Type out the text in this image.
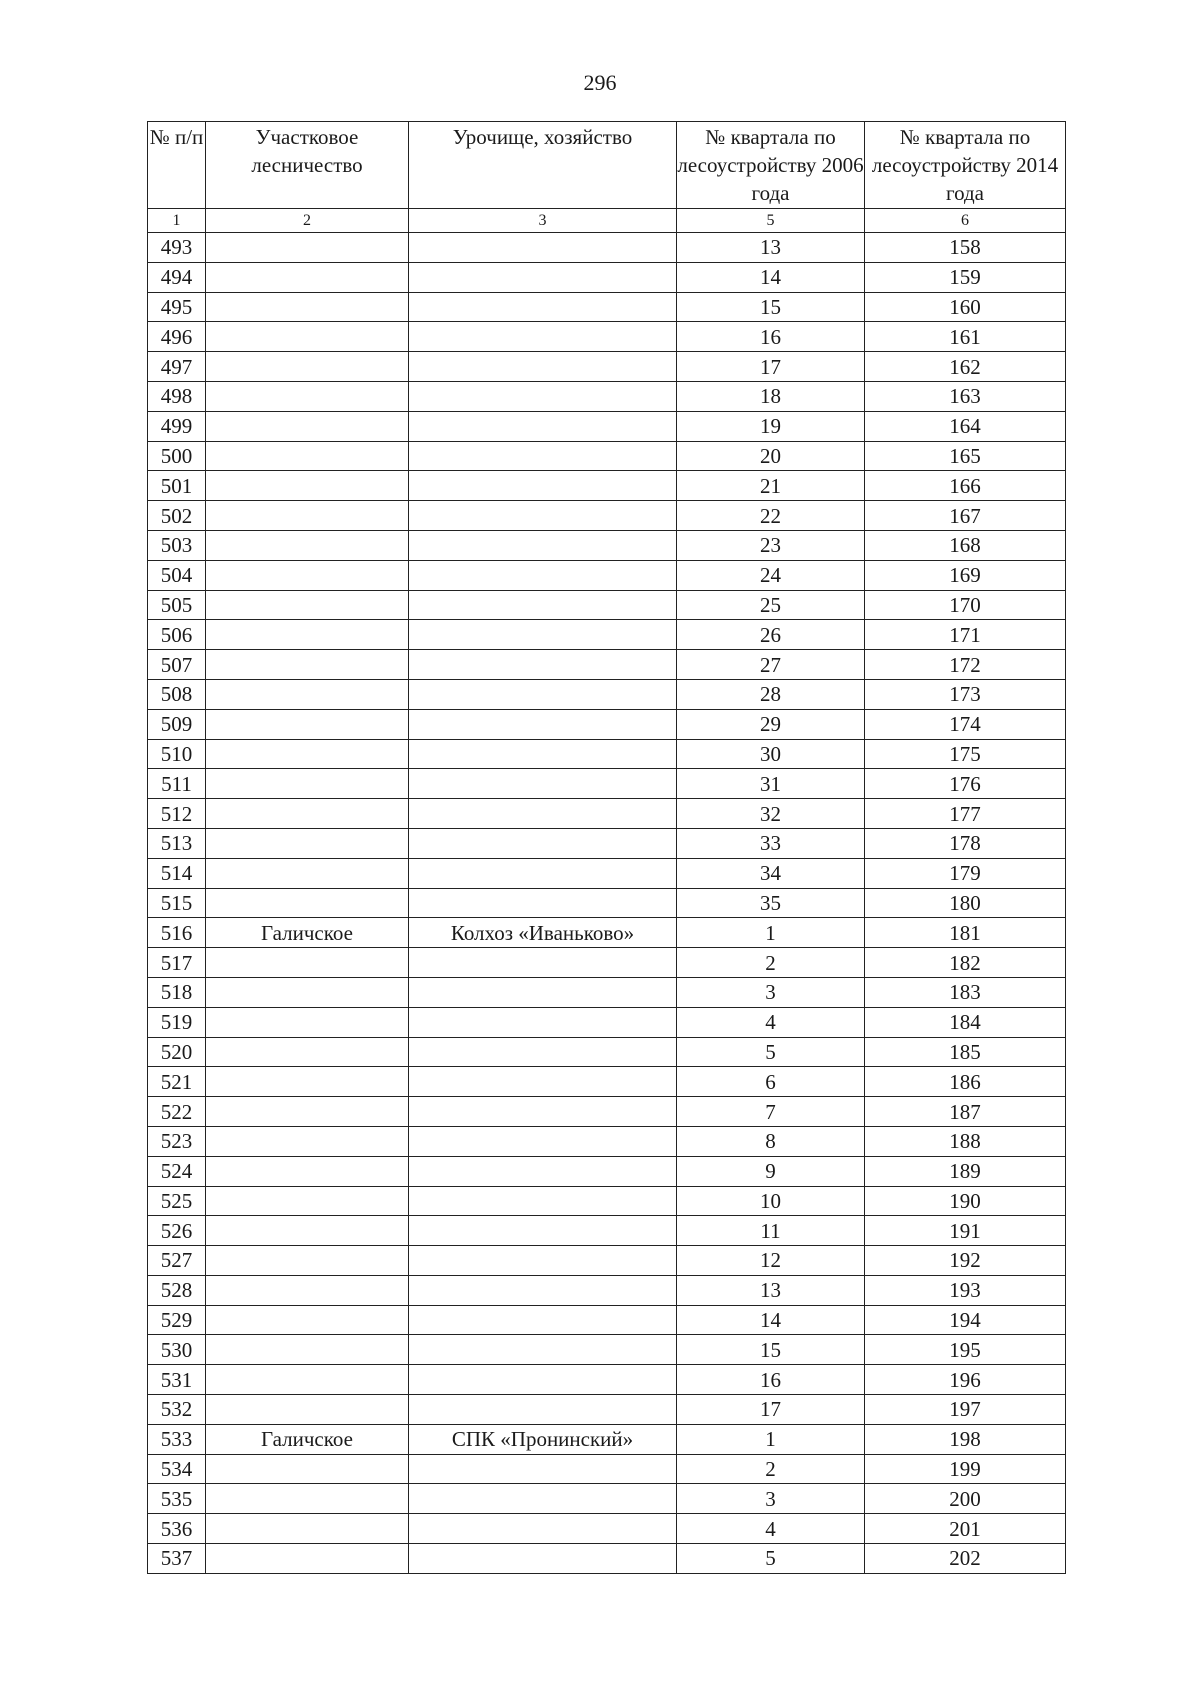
296
№ п/п	Участковое лесничество	Урочище, хозяйство	№ квартала по лесоустройству 2006 года	№ квартала по лесоустройству 2014 года
1	2	3	5	6
493			13	158
494			14	159
495			15	160
496			16	161
497			17	162
498			18	163
499			19	164
500			20	165
501			21	166
502			22	167
503			23	168
504			24	169
505			25	170
506			26	171
507			27	172
508			28	173
509			29	174
510			30	175
511			31	176
512			32	177
513			33	178
514			34	179
515			35	180
516	Галичское	Колхоз «Иваньково»	1	181
517			2	182
518			3	183
519			4	184
520			5	185
521			6	186
522			7	187
523			8	188
524			9	189
525			10	190
526			11	191
527			12	192
528			13	193
529			14	194
530			15	195
531			16	196
532			17	197
533	Галичское	СПК «Пронинский»	1	198
534			2	199
535			3	200
536			4	201
537			5	202
